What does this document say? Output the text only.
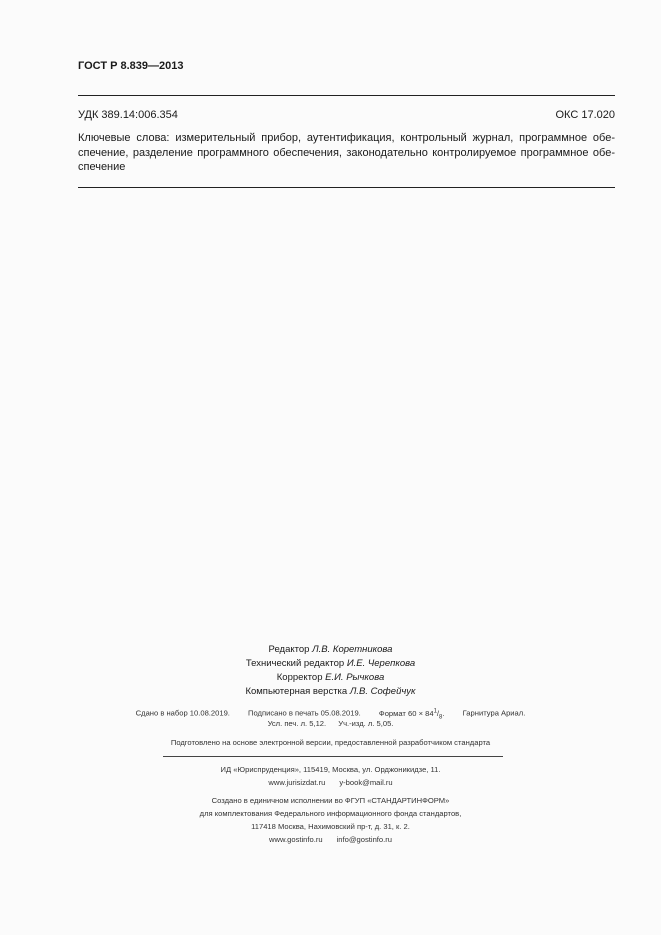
ГОСТ Р 8.839—2013
УДК 389.14:006.354	ОКС 17.020
Ключевые слова: измерительный прибор, аутентификация, контрольный журнал, программное обе-
спечение, разделение программного обеспечения, законодательно контролируемое программное обе-
спечение
Редактор Л.В. Коретникова
Технический редактор И.Е. Черепкова
Корректор Е.И. Рычкова
Компьютерная верстка Л.В. Софейчук
Сдано в набор 10.08.2019. Подписано в печать 05.08.2019. Формат $60 \times 84^1/_8$. Гарнитура Ариал.
Усл. печ. л. 5,12. Уч.-изд. л. 5,05.
Подготовлено на основе электронной версии, предоставленной разработчиком стандарта
ИД «Юриспруденция», 115419, Москва, ул. Орджоникидзе, 11.
www.jurisizdat.ru y-book@mail.ru
Создано в единичном исполнении во ФГУП «СТАНДАРТИНФОРМ»
для комплектования Федерального информационного фонда стандартов,
117418 Москва, Нахимовский пр-т, д. 31, к. 2.
www.gostinfo.ru info@gostinfo.ru
